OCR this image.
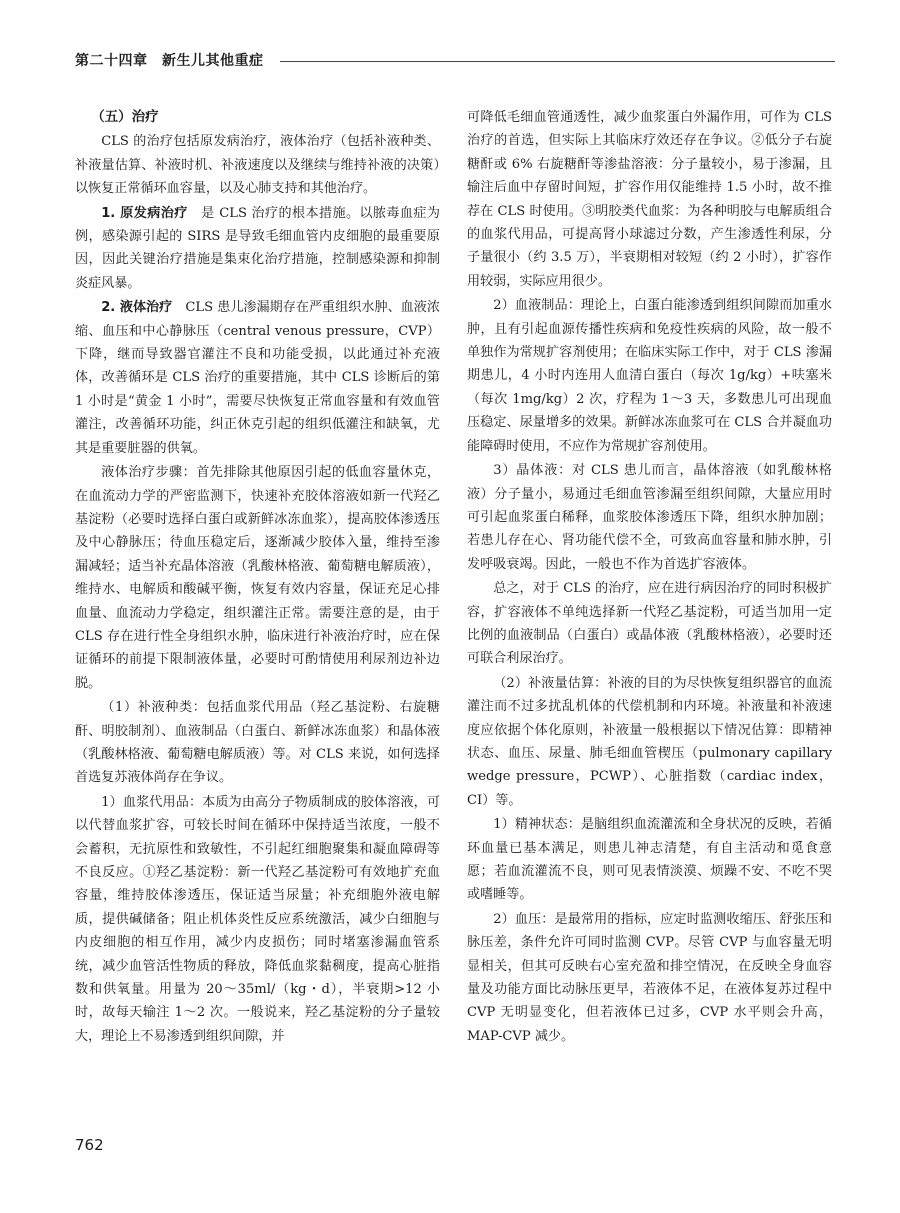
第二十四章　新生儿其他重症
（五）治疗

CLS 的治疗包括原发病治疗，液体治疗（包括补液种类、补液量估算、补液时机、补液速度以及继续与维持补液的决策）以恢复正常循环血容量，以及心肺支持和其他治疗。

1. 原发病治疗　是 CLS 治疗的根本措施。以脓毒血症为例，感染源引起的 SIRS 是导致毛细血管内皮细胞的最重要原因，因此关键治疗措施是集束化治疗措施，控制感染源和抑制炎症风暴。

2. 液体治疗　CLS 患儿渗漏期存在严重组织水肿、血液浓缩、血压和中心静脉压（central venous pressure，CVP）下降，继而导致器官灌注不良和功能受损，以此通过补充液体，改善循环是 CLS 治疗的重要措施，其中 CLS 诊断后的第 1 小时是“黄金 1 小时”，需要尽快恢复正常血容量和有效血管灌注，改善循环功能，纠正休克引起的组织低灌注和缺氧，尤其是重要脏器的供氧。

液体治疗步骤：首先排除其他原因引起的低血容量休克，在血流动力学的严密监测下，快速补充胶体溶液如新一代羟乙基淀粉（必要时选择白蛋白或新鲜冰冻血浆），提高胶体渗透压及中心静脉压；待血压稳定后，逐渐减少胶体入量，维持至渗漏减轻；适当补充晶体溶液（乳酸林格液、葡萄糖电解质液），维持水、电解质和酸碱平衡，恢复有效内容量，保证充足心排血量、血流动力学稳定，组织灌注正常。需要注意的是，由于 CLS 存在进行性全身组织水肿，临床进行补液治疗时，应在保证循环的前提下限制液体量，必要时可酌情使用利尿剂边补边脱。

（1）补液种类：包括血浆代用品（羟乙基淀粉、右旋糖酐、明胶制剂）、血液制品（白蛋白、新鲜冰冻血浆）和晶体液（乳酸林格液、葡萄糖电解质液）等。对 CLS 来说，如何选择首选复苏液体尚存在争议。

1）血浆代用品：本质为由高分子物质制成的胶体溶液，可以代替血浆扩容，可较长时间在循环中保持适当浓度，一般不会蓄积，无抗原性和致敏性，不引起红细胞聚集和凝血障碍等不良反应。①羟乙基淀粉：新一代羟乙基淀粉可有效地扩充血容量，维持胶体渗透压，保证适当尿量；补充细胞外液电解质，提供碱储备；阻止机体炎性反应系统激活，减少白细胞与内皮细胞的相互作用，减少内皮损伤；同时堵塞渗漏血管系统，减少血管活性物质的释放，降低血浆黏稠度，提高心脏指数和供氧量。用量为 20～35ml/（kg・d），半衰期>12 小时，故每天输注 1～2 次。一般说来，羟乙基淀粉的分子量较大，理论上不易渗透到组织间隙，并

可降低毛细血管通透性，减少血浆蛋白外漏作用，可作为 CLS 治疗的首选，但实际上其临床疗效还存在争议。②低分子右旋糖酐或 6% 右旋糖酐等渗盐溶液：分子量较小，易于渗漏，且输注后血中存留时间短，扩容作用仅能维持 1.5 小时，故不推荐在 CLS 时使用。③明胶类代血浆：为各种明胶与电解质组合的血浆代用品，可提高肾小球滤过分数，产生渗透性利尿，分子量很小（约 3.5 万），半衰期相对较短（约 2 小时），扩容作用较弱，实际应用很少。

2）血液制品：理论上，白蛋白能渗透到组织间隙而加重水肿，且有引起血源传播性疾病和免疫性疾病的风险，故一般不单独作为常规扩容剂使用；在临床实际工作中，对于 CLS 渗漏期患儿，4 小时内连用人血清白蛋白（每次 1g/kg）+呋塞米（每次 1mg/kg）2 次，疗程为 1～3 天，多数患儿可出现血压稳定、尿量增多的效果。新鲜冰冻血浆可在 CLS 合并凝血功能障碍时使用，不应作为常规扩容剂使用。

3）晶体液：对 CLS 患儿而言，晶体溶液（如乳酸林格液）分子量小，易通过毛细血管渗漏至组织间隙，大量应用时可引起血浆蛋白稀释，血浆胶体渗透压下降，组织水肿加剧；若患儿存在心、肾功能代偿不全，可致高血容量和肺水肿，引发呼吸衰竭。因此，一般也不作为首选扩容液体。

总之，对于 CLS 的治疗，应在进行病因治疗的同时积极扩容，扩容液体不单纯选择新一代羟乙基淀粉，可适当加用一定比例的血液制品（白蛋白）或晶体液（乳酸林格液），必要时还可联合利尿治疗。

（2）补液量估算：补液的目的为尽快恢复组织器官的血流灌注而不过多扰乱机体的代偿机制和内环境。补液量和补液速度应依据个体化原则，补液量一般根据以下情况估算：即精神状态、血压、尿量、肺毛细血管楔压（pulmonary capillary wedge pressure，PCWP）、心脏指数（cardiac index，CI）等。

1）精神状态：是脑组织血流灌流和全身状况的反映，若循环血量已基本满足，则患儿神志清楚，有自主活动和觅食意愿；若血流灌流不良，则可见表情淡漠、烦躁不安、不吃不哭或嗜睡等。

2）血压：是最常用的指标，应定时监测收缩压、舒张压和脉压差，条件允许可同时监测 CVP。尽管 CVP 与血容量无明显相关，但其可反映右心室充盈和排空情况，在反映全身血容量及功能方面比动脉压更早，若液体不足，在液体复苏过程中 CVP 无明显变化，但若液体已过多，CVP 水平则会升高，MAP-CVP 减少。

762
